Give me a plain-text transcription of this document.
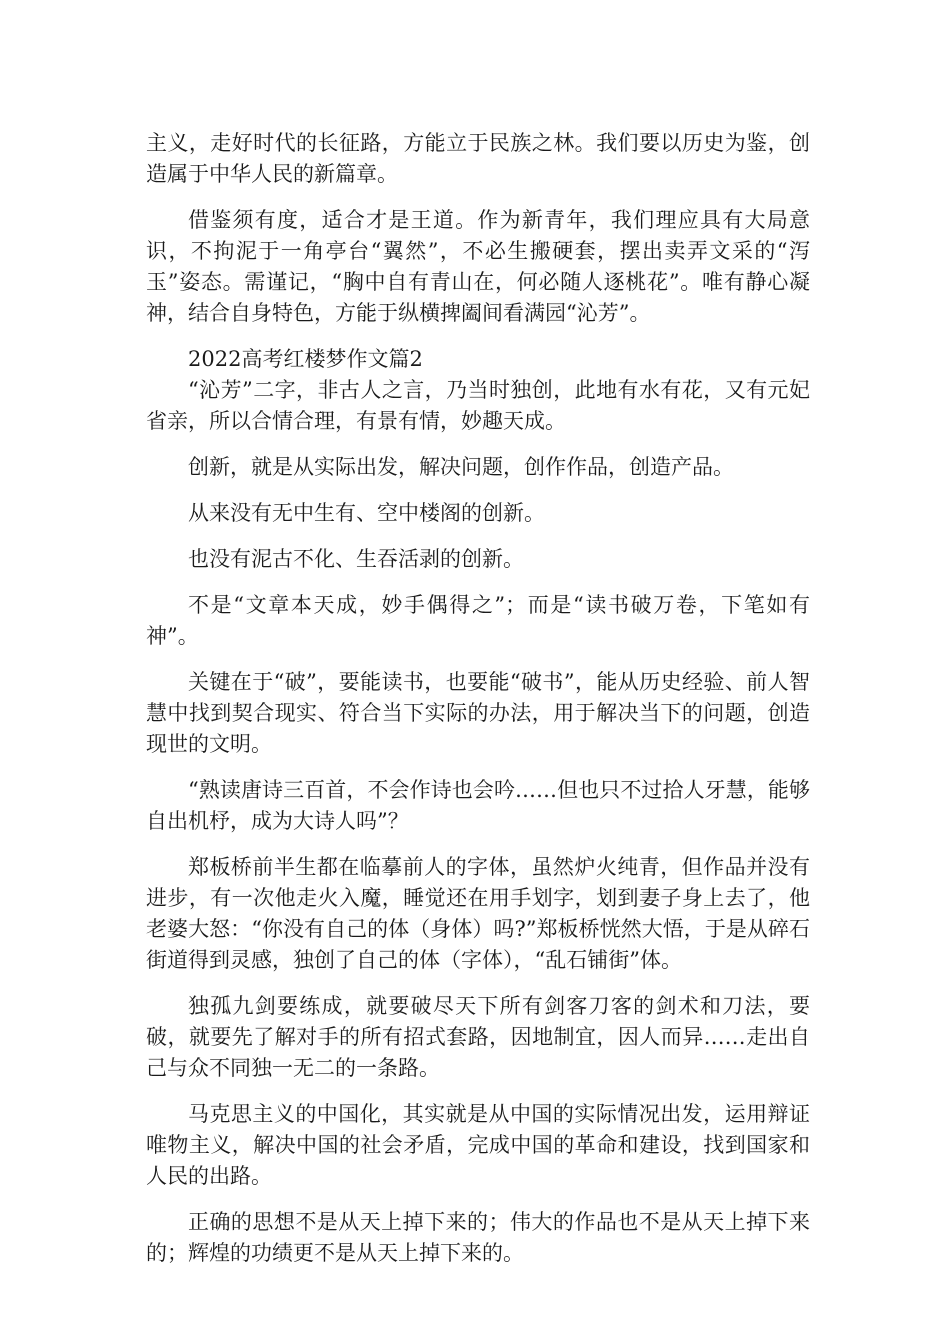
主义，走好时代的长征路，方能立于民族之林。我们要以历史为鉴，创造属于中华人民的新篇章。

借鉴须有度，适合才是王道。作为新青年，我们理应具有大局意识，不拘泥于一角亭台“翼然”，不必生搬硬套，摆出卖弄文采的“泻玉”姿态。需谨记，“胸中自有青山在，何必随人逐桃花”。唯有静心凝神，结合自身特色，方能于纵横捭阖间看满园“沁芳”。

2022高考红楼梦作文篇2

“沁芳”二字，非古人之言，乃当时独创，此地有水有花，又有元妃省亲，所以合情合理，有景有情，妙趣天成。

创新，就是从实际出发，解决问题，创作作品，创造产品。

从来没有无中生有、空中楼阁的创新。

也没有泥古不化、生吞活剥的创新。

不是“文章本天成，妙手偶得之”；而是“读书破万卷，下笔如有神”。

关键在于“破”，要能读书，也要能“破书”，能从历史经验、前人智慧中找到契合现实、符合当下实际的办法，用于解决当下的问题，创造现世的文明。

“熟读唐诗三百首，不会作诗也会吟……但也只不过拾人牙慧，能够自出机杼，成为大诗人吗”？

郑板桥前半生都在临摹前人的字体，虽然炉火纯青，但作品并没有进步，有一次他走火入魔，睡觉还在用手划字，划到妻子身上去了，他老婆大怒：“你没有自己的体（身体）吗?”郑板桥恍然大悟，于是从碎石街道得到灵感，独创了自己的体（字体），“乱石铺街”体。

独孤九剑要练成，就要破尽天下所有剑客刀客的剑术和刀法，要破，就要先了解对手的所有招式套路，因地制宜，因人而异……走出自己与众不同独一无二的一条路。

马克思主义的中国化，其实就是从中国的实际情况出发，运用辩证唯物主义，解决中国的社会矛盾，完成中国的革命和建设，找到国家和人民的出路。

正确的思想不是从天上掉下来的；伟大的作品也不是从天上掉下来的；辉煌的功绩更不是从天上掉下来的。
